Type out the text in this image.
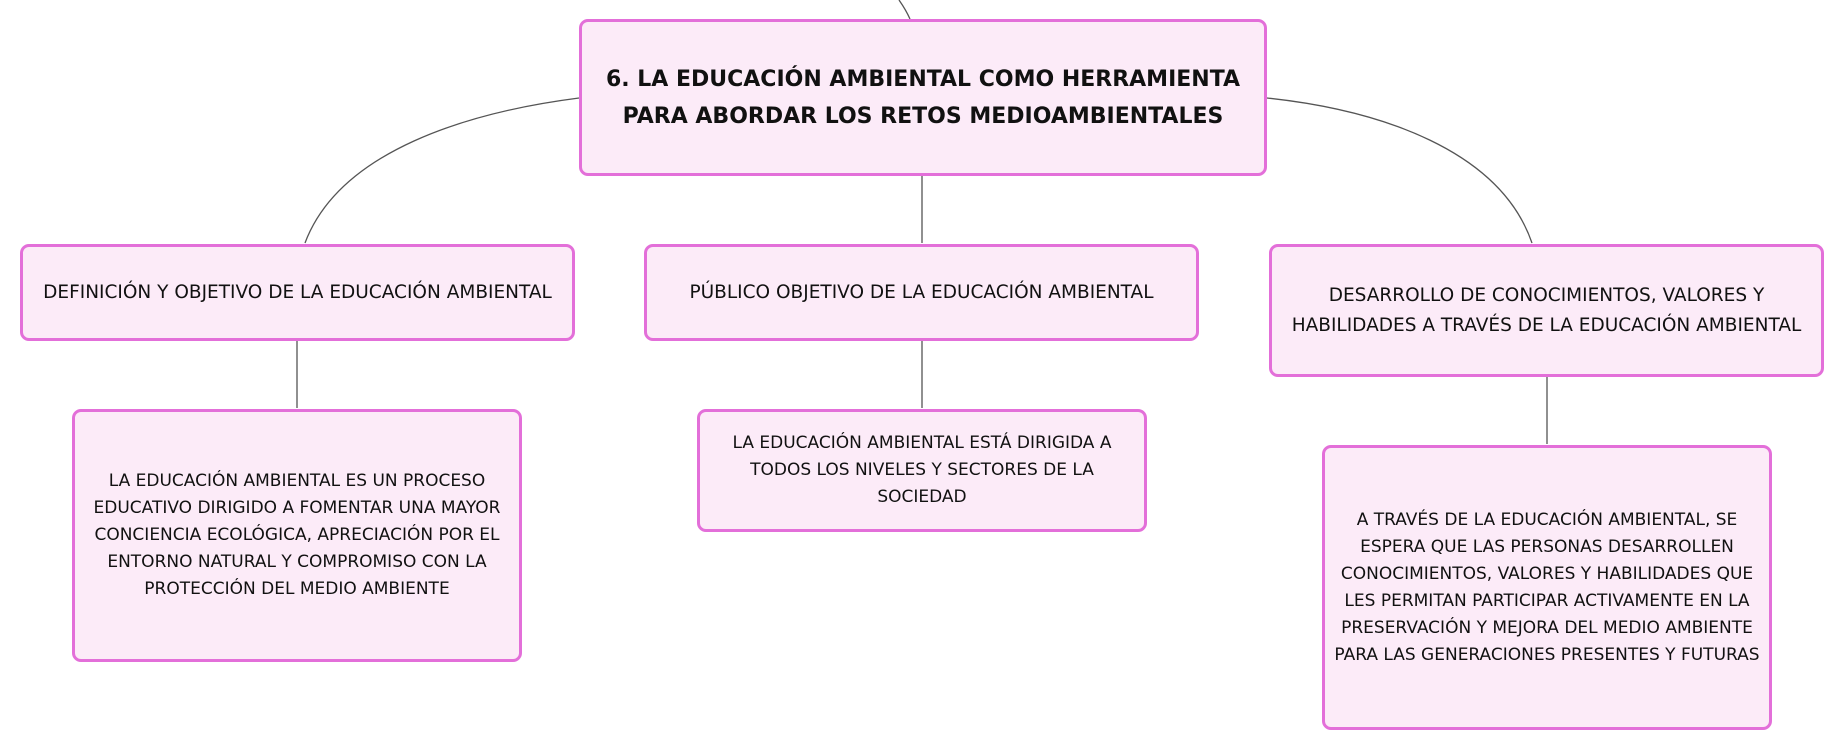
6. LA EDUCACIÓN AMBIENTAL COMO HERRAMIENTA PARA ABORDAR LOS RETOS MEDIOAMBIENTALES
DEFINICIÓN Y OBJETIVO DE LA EDUCACIÓN AMBIENTAL	PÚBLICO OBJETIVO DE LA EDUCACIÓN AMBIENTAL	DESARROLLO DE CONOCIMIENTOS, VALORES Y HABILIDADES A TRAVÉS DE LA EDUCACIÓN AMBIENTAL
LA EDUCACIÓN AMBIENTAL ES UN PROCESO EDUCATIVO DIRIGIDO A FOMENTAR UNA MAYOR CONCIENCIA ECOLÓGICA, APRECIACIÓN POR EL ENTORNO NATURAL Y COMPROMISO CON LA PROTECCIÓN DEL MEDIO AMBIENTE
LA EDUCACIÓN AMBIENTAL ESTÁ DIRIGIDA A TODOS LOS NIVELES Y SECTORES DE LA SOCIEDAD
A TRAVÉS DE LA EDUCACIÓN AMBIENTAL, SE ESPERA QUE LAS PERSONAS DESARROLLEN CONOCIMIENTOS, VALORES Y HABILIDADES QUE LES PERMITAN PARTICIPAR ACTIVAMENTE EN LA PRESERVACIÓN Y MEJORA DEL MEDIO AMBIENTE PARA LAS GENERACIONES PRESENTES Y FUTURAS
